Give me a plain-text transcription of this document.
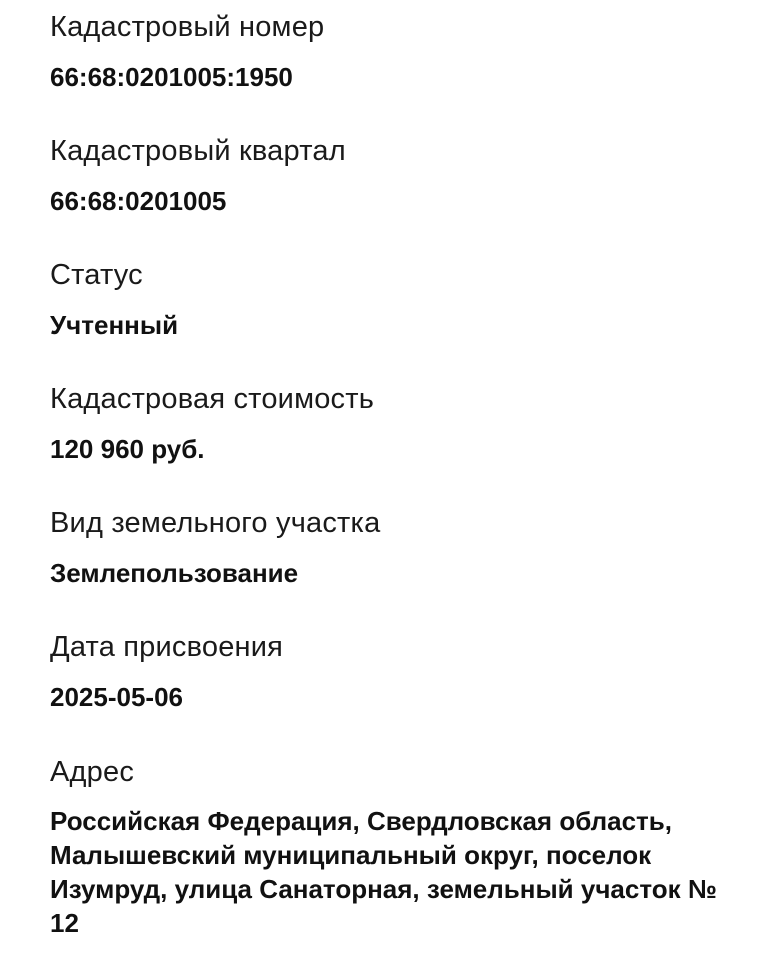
Кадастровый номер
66:68:0201005:1950
Кадастровый квартал
66:68:0201005
Статус
Учтенный
Кадастровая стоимость
120 960 руб.
Вид земельного участка
Землепользование
Дата присвоения
2025-05-06
Адрес
Российская Федерация, Свердловская область, Малышевский муниципальный округ, поселок Изумруд, улица Санаторная, земельный участок № 12
